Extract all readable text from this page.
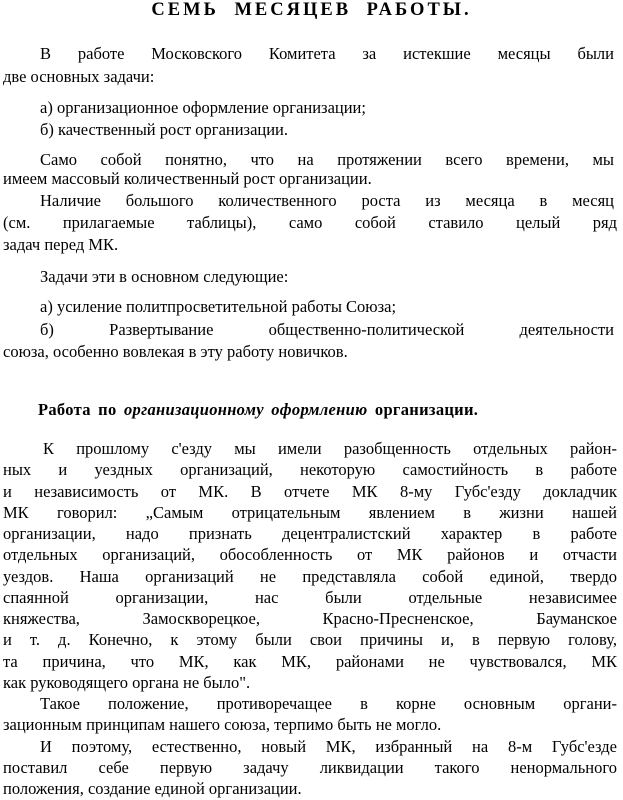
СЕМЬ МЕСЯЦЕВ РАБОТЫ.
В работе Московского Комитета за истекшие месяцы были
две основных задачи:
а) организационное оформление организации;
б) качественный рост организации.
Само собой понятно, что на протяжении всего времени, мы
имеем массовый количественный рост организации.
Наличие большого количественного роста из месяца в месяц
(см. прилагаемые таблицы), само собой ставило целый ряд
задач перед МК.
Задачи эти в основном следующие:
а) усиление политпросветительной работы Союза;
б) Развертывание общественно-политической деятельности
союза, особенно вовлекая в эту работу новичков.
Работа по организационному оформлению организации.
К прошлому с'езду мы имели разобщенность отдельных район-
ных и уездных организаций, некоторую самостийность в работе
и независимость от МК. В отчете МК 8-му Губс'езду докладчик
МК говорил: „Самым отрицательным явлением в жизни нашей
организации, надо признать децентралистский характер в работе
отдельных организаций, обособленность от МК районов и отчасти
уездов. Наша организаций не представляла собой единой, твердо
спаянной организации, нас были отдельные независимее
княжества, Замоскворецкое, Красно-Пресненское, Бауманское
и т. д. Конечно, к этому были свои причины и, в первую голову,
та причина, что МК, как МК, районами не чувствовался, МК
как руководящего органа не было".
Такое положение, противоречащее в корне основным органи-
зационным принципам нашего союза, терпимо быть не могло.
И поэтому, естественно, новый МК, избранный на 8-м Губс'езде
поставил себе первую задачу ликвидации такого ненормального
положения, создание единой организации.
